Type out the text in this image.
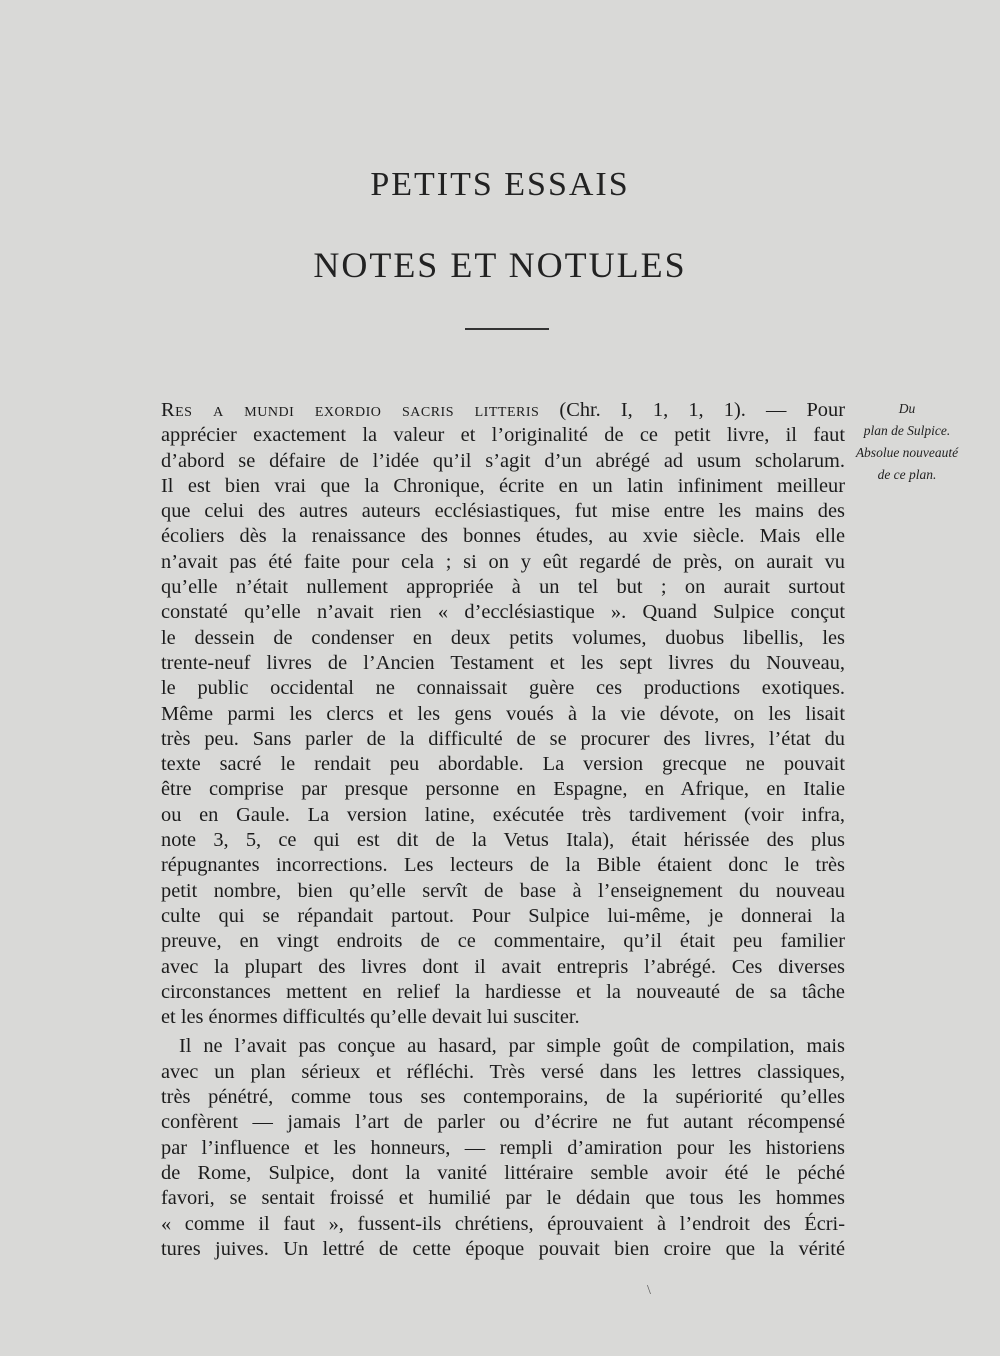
PETITS ESSAIS
NOTES ET NOTULES
Res a mundi exordio sacris litteris (Chr. I, 1, 1, 1). — Pour
apprécier exactement la valeur et l’originalité de ce petit livre, il faut
d’abord se défaire de l’idée qu’il s’agit d’un abrégé ad usum scholarum.
Il est bien vrai que la Chronique, écrite en un latin infiniment meilleur
que celui des autres auteurs ecclésiastiques, fut mise entre les mains des
écoliers dès la renaissance des bonnes études, au xvie siècle. Mais elle
n’avait pas été faite pour cela ; si on y eût regardé de près, on aurait vu
qu’elle n’était nullement appropriée à un tel but ; on aurait surtout
constaté qu’elle n’avait rien « d’ecclésiastique ». Quand Sulpice conçut
le dessein de condenser en deux petits volumes, duobus libellis, les
trente-neuf livres de l’Ancien Testament et les sept livres du Nouveau,
le public occidental ne connaissait guère ces productions exotiques.
Même parmi les clercs et les gens voués à la vie dévote, on les lisait
très peu. Sans parler de la difficulté de se procurer des livres, l’état du
texte sacré le rendait peu abordable. La version grecque ne pouvait
être comprise par presque personne en Espagne, en Afrique, en Italie
ou en Gaule. La version latine, exécutée très tardivement (voir infra,
note 3, 5, ce qui est dit de la Vetus Itala), était hérissée des plus
répugnantes incorrections. Les lecteurs de la Bible étaient donc le très
petit nombre, bien qu’elle servît de base à l’enseignement du nouveau
culte qui se répandait partout. Pour Sulpice lui-même, je donnerai la
preuve, en vingt endroits de ce commentaire, qu’il était peu familier
avec la plupart des livres dont il avait entrepris l’abrégé. Ces diverses
circonstances mettent en relief la hardiesse et la nouveauté de sa tâche
et les énormes difficultés qu’elle devait lui susciter.
Il ne l’avait pas conçue au hasard, par simple goût de compilation, mais
avec un plan sérieux et réfléchi. Très versé dans les lettres classiques,
très pénétré, comme tous ses contemporains, de la supériorité qu’elles
confèrent — jamais l’art de parler ou d’écrire ne fut autant récompensé
par l’influence et les honneurs, — rempli d’amiration pour les historiens
de Rome, Sulpice, dont la vanité littéraire semble avoir été le péché
favori, se sentait froissé et humilié par le dédain que tous les hommes
« comme il faut », fussent-ils chrétiens, éprouvaient à l’endroit des Écri-
tures juives. Un lettré de cette époque pouvait bien croire que la vérité
Du
plan de Sulpice.
Absolue nouveauté
de ce plan.
\
